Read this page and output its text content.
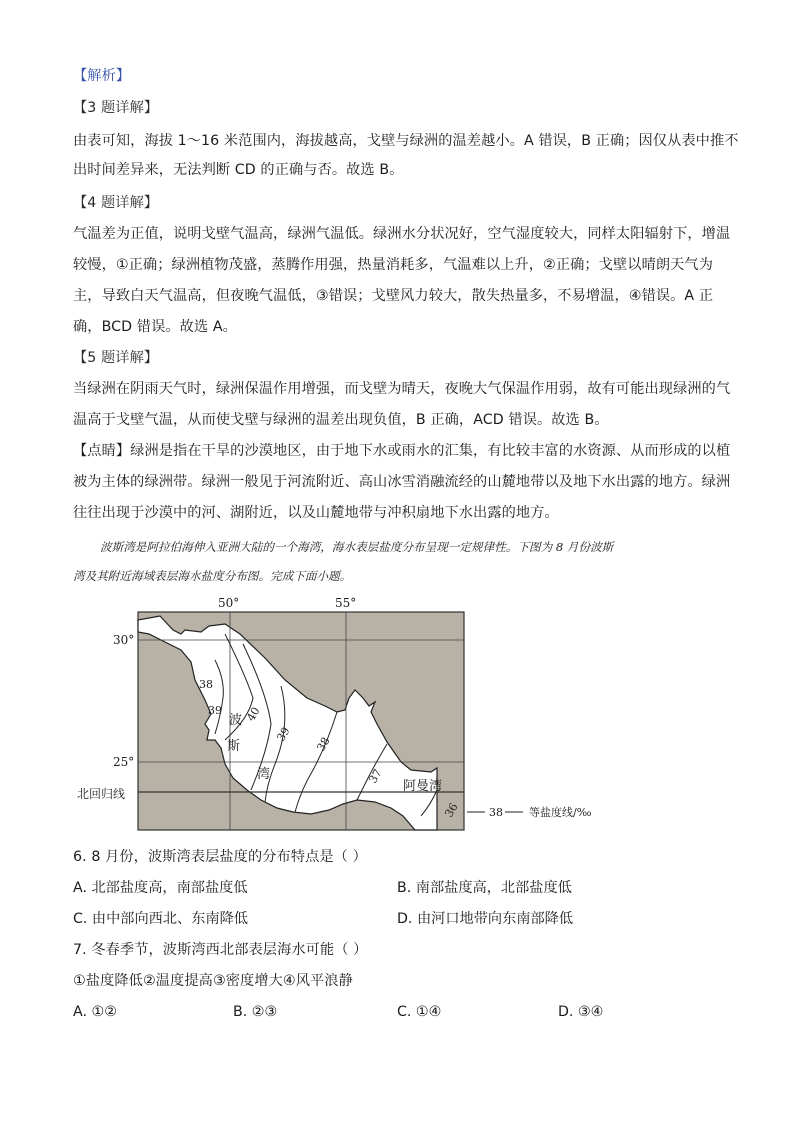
【解析】
【3 题详解】
由表可知，海拔 1～16 米范围内，海拔越高，戈壁与绿洲的温差越小。A 错误，B 正确；因仅从表中推不
出时间差异来，无法判断 CD 的正确与否。故选 B。
【4 题详解】
气温差为正值，说明戈壁气温高，绿洲气温低。绿洲水分状况好，空气湿度较大，同样太阳辐射下，增温
较慢，①正确；绿洲植物茂盛，蒸腾作用强，热量消耗多，气温难以上升，②正确；戈壁以晴朗天气为
主，导致白天气温高，但夜晚气温低，③错误；戈壁风力较大，散失热量多，不易增温，④错误。A 正
确，BCD 错误。故选 A。
【5 题详解】
当绿洲在阴雨天气时，绿洲保温作用增强，而戈壁为晴天，夜晚大气保温作用弱，故有可能出现绿洲的气
温高于戈壁气温，从而使戈壁与绿洲的温差出现负值，B 正确，ACD 错误。故选 B。
【点睛】绿洲是指在干旱的沙漠地区，由于地下水或雨水的汇集，有比较丰富的水资源、从而形成的以植
被为主体的绿洲带。绿洲一般见于河流附近、高山冰雪消融流经的山麓地带以及地下水出露的地方。绿洲
往往出现于沙漠中的河、湖附近，以及山麓地带与冲积扇地下水出露的地方。
波斯湾是阿拉伯海伸入亚洲大陆的一个海湾，海水表层盐度分布呈现一定规律性。下图为 8 月份波斯
湾及其附近海域表层海水盐度分布图。完成下面小题。
50°	55°
30°
25°
北回归线
38
39 40
39
38
37
36
波
斯
湾
阿曼湾
38 等盐度线/‰
6. 8 月份，波斯湾表层盐度的分布特点是（ ）
A. 北部盐度高，南部盐度低	B. 南部盐度高，北部盐度低
C. 由中部向西北、东南降低	D. 由河口地带向东南部降低
7. 冬春季节，波斯湾西北部表层海水可能（ ）
①盐度降低②温度提高③密度增大④风平浪静
A. ①②	B. ②③	C. ①④	D. ③④
